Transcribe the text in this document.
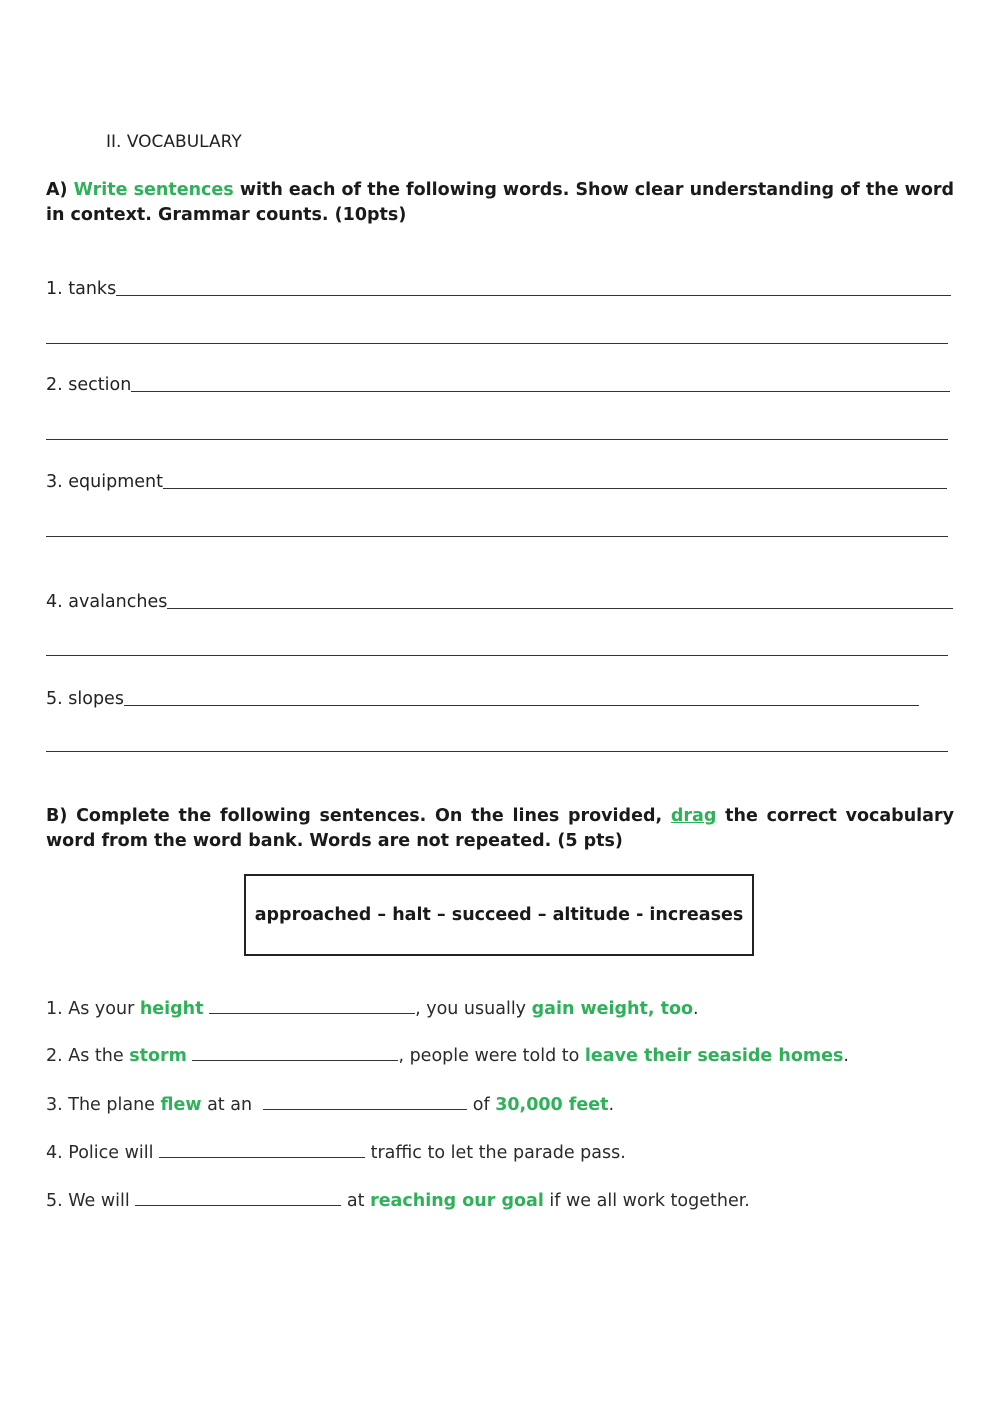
II. VOCABULARY
A) Write sentences with each of the following words. Show clear understanding of the word in context. Grammar counts. (10pts)
1. tanks
2. section
3. equipment
4. avalanches
5. slopes
B) Complete the following sentences. On the lines provided, drag the correct vocabulary word from the word bank. Words are not repeated. (5 pts)
approached – halt – succeed – altitude - increases
1. As your height	, you usually gain weight, too.
2. As the storm	, people were told to leave their seaside homes.
3. The plane flew at an	of 30,000 feet.
4. Police will	traffic to let the parade pass.
5. We will	at reaching our goal if we all work together.
